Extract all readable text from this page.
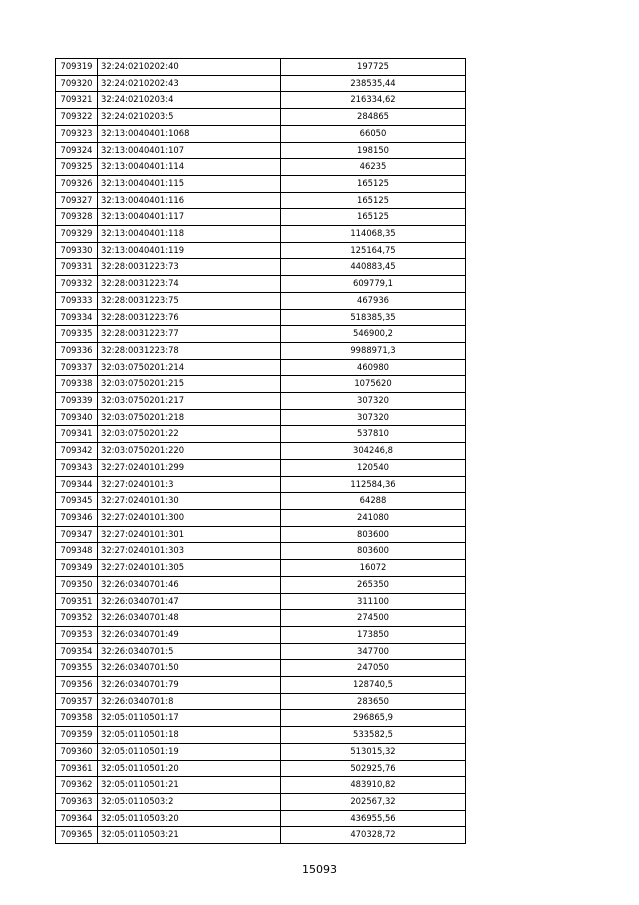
709319	32:24:0210202:40	197725
709320	32:24:0210202:43	238535,44
709321	32:24:0210203:4	216334,62
709322	32:24:0210203:5	284865
709323	32:13:0040401:1068	66050
709324	32:13:0040401:107	198150
709325	32:13:0040401:114	46235
709326	32:13:0040401:115	165125
709327	32:13:0040401:116	165125
709328	32:13:0040401:117	165125
709329	32:13:0040401:118	114068,35
709330	32:13:0040401:119	125164,75
709331	32:28:0031223:73	440883,45
709332	32:28:0031223:74	609779,1
709333	32:28:0031223:75	467936
709334	32:28:0031223:76	518385,35
709335	32:28:0031223:77	546900,2
709336	32:28:0031223:78	9988971,3
709337	32:03:0750201:214	460980
709338	32:03:0750201:215	1075620
709339	32:03:0750201:217	307320
709340	32:03:0750201:218	307320
709341	32:03:0750201:22	537810
709342	32:03:0750201:220	304246,8
709343	32:27:0240101:299	120540
709344	32:27:0240101:3	112584,36
709345	32:27:0240101:30	64288
709346	32:27:0240101:300	241080
709347	32:27:0240101:301	803600
709348	32:27:0240101:303	803600
709349	32:27:0240101:305	16072
709350	32:26:0340701:46	265350
709351	32:26:0340701:47	311100
709352	32:26:0340701:48	274500
709353	32:26:0340701:49	173850
709354	32:26:0340701:5	347700
709355	32:26:0340701:50	247050
709356	32:26:0340701:79	128740,5
709357	32:26:0340701:8	283650
709358	32:05:0110501:17	296865,9
709359	32:05:0110501:18	533582,5
709360	32:05:0110501:19	513015,32
709361	32:05:0110501:20	502925,76
709362	32:05:0110501:21	483910,82
709363	32:05:0110503:2	202567,32
709364	32:05:0110503:20	436955,56
709365	32:05:0110503:21	470328,72
15093
